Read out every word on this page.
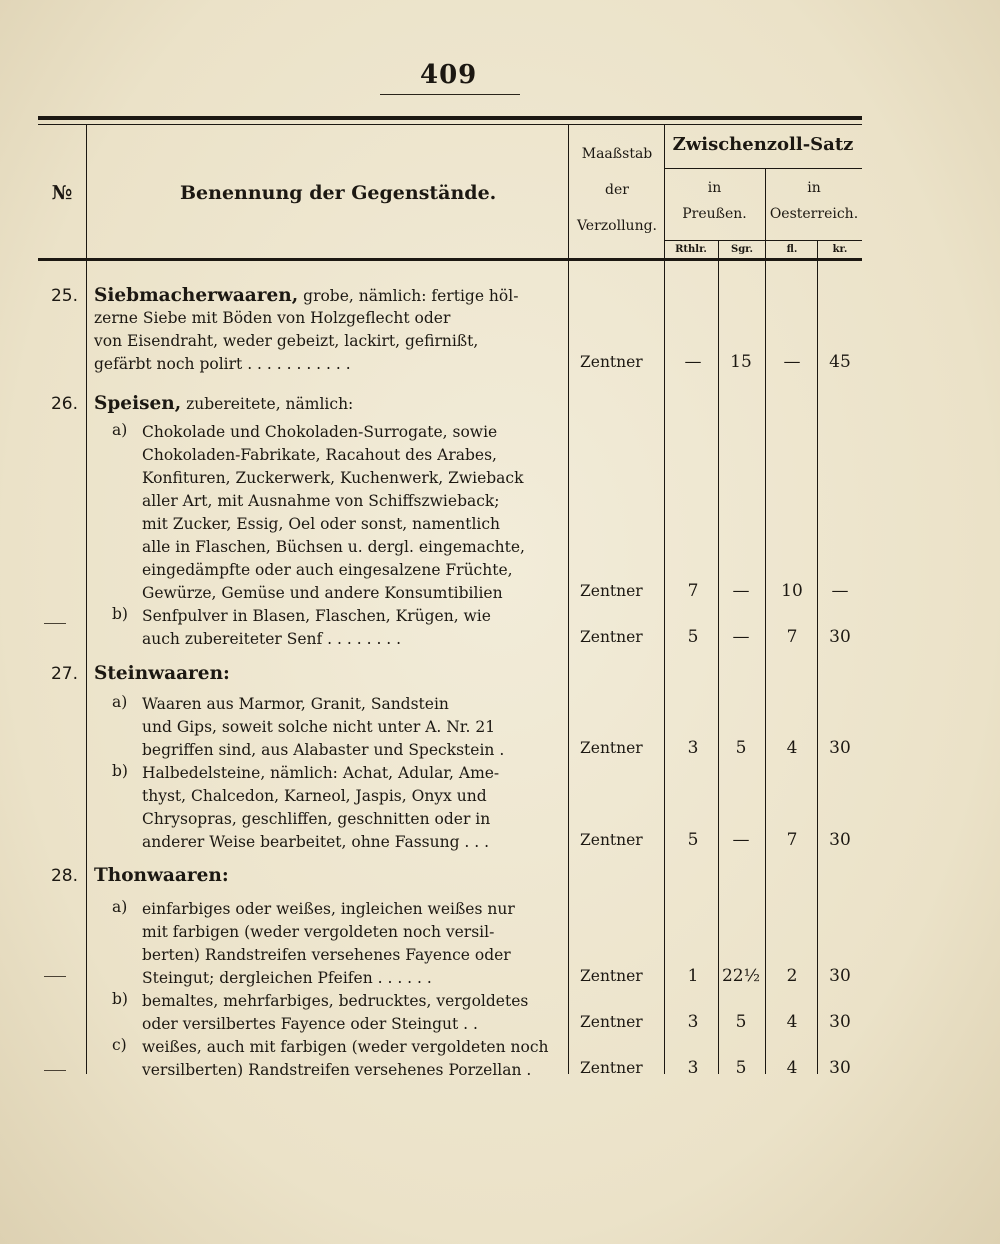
409
№	Benennung der Gegenstände.
Maaßstab
der
Verzollung.
Zwischenzoll-Satz
in
Preußen.
in
Oesterreich.
Rthlr.	Sgr.	fl.	kr.
25. Siebmacherwaaren, grobe, nämlich: fertige höl-
zerne Siebe mit Böden von Holzgeflecht oder
von Eisendraht, weder gebeizt, lackirt, gefirnißt,
gefärbt noch polirt . . . . . . . . . . .	Zentner	—	15	—	45
26. Speisen, zubereitete, nämlich:
a) Chokolade und Chokoladen-Surrogate, sowie
Chokoladen-Fabrikate, Racahout des Arabes,
Konfituren, Zuckerwerk, Kuchenwerk, Zwieback
aller Art, mit Ausnahme von Schiffszwieback;
mit Zucker, Essig, Oel oder sonst, namentlich
alle in Flaschen, Büchsen u. dergl. eingemachte,
eingedämpfte oder auch eingesalzene Früchte,
Gewürze, Gemüse und andere Konsumtibilien	Zentner	7	—	10	—
b) Senfpulver in Blasen, Flaschen, Krügen, wie
auch zubereiteter Senf . . . . . . . .	Zentner	5	—	7	30
27. Steinwaaren:
a) Waaren aus Marmor, Granit, Sandstein
und Gips, soweit solche nicht unter A. Nr. 21
begriffen sind, aus Alabaster und Speckstein .	Zentner	3	5	4	30
b) Halbedelsteine, nämlich: Achat, Adular, Ame-
thyst, Chalcedon, Karneol, Jaspis, Onyx und
Chrysopras, geschliffen, geschnitten oder in
anderer Weise bearbeitet, ohne Fassung . . .	Zentner	5	—	7	30
28. Thonwaaren:
a) einfarbiges oder weißes, ingleichen weißes nur
mit farbigen (weder vergoldeten noch versil-
berten) Randstreifen versehenes Fayence oder
Steingut; dergleichen Pfeifen . . . . . .	Zentner	1	22½	2	30
b) bemaltes, mehrfarbiges, bedrucktes, vergoldetes
oder versilbertes Fayence oder Steingut . .	Zentner	3	5	4	30
c) weißes, auch mit farbigen (weder vergoldeten noch
versilberten) Randstreifen versehenes Porzellan .	Zentner	3	5	4	30
